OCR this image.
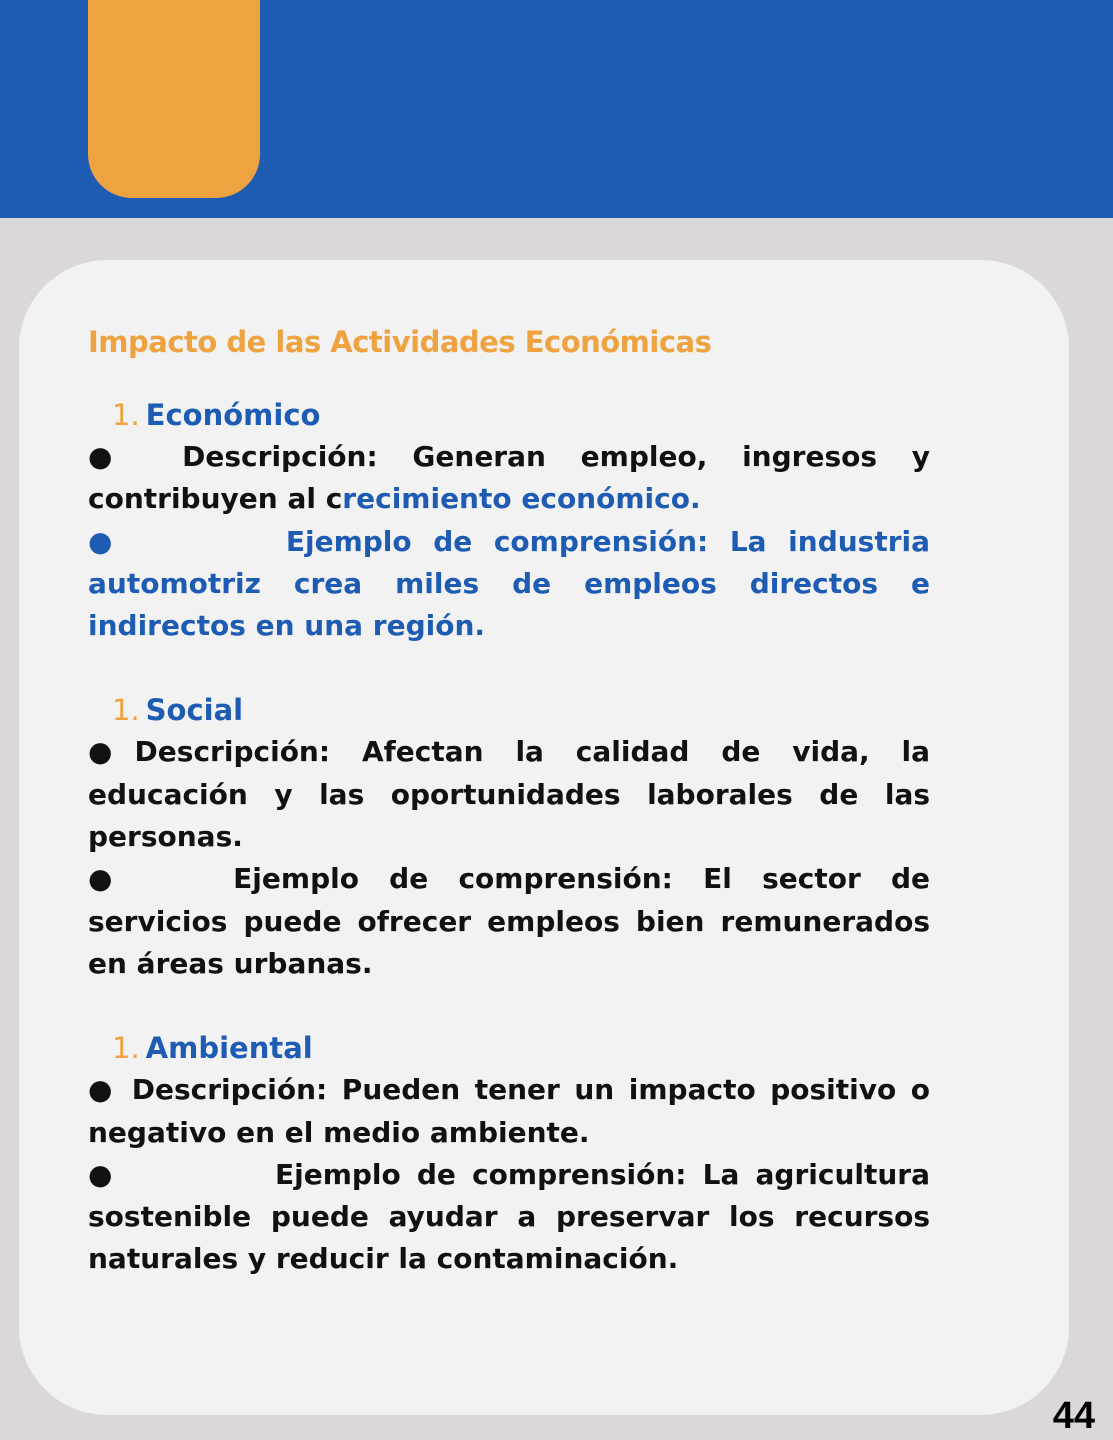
Impacto de las Actividades Económicas

1. Económico

● Descripción: Generan empleo, ingresos y contribuyen al crecimiento económico.

●	Ejemplo de comprensión: La industria automotriz crea miles de empleos directos e indirectos en una región.

1. Social

●Descripción: Afectan la calidad de vida, la educación y las oportunidades laborales de las personas.

●	Ejemplo de comprensión: El sector de servicios puede ofrecer empleos bien remunerados en áreas urbanas.

1. Ambiental

● Descripción: Pueden tener un impacto positivo o negativo en el medio ambiente.

●	Ejemplo de comprensión: La agricultura sostenible puede ayudar a preservar los recursos naturales y reducir la contaminación.

44
